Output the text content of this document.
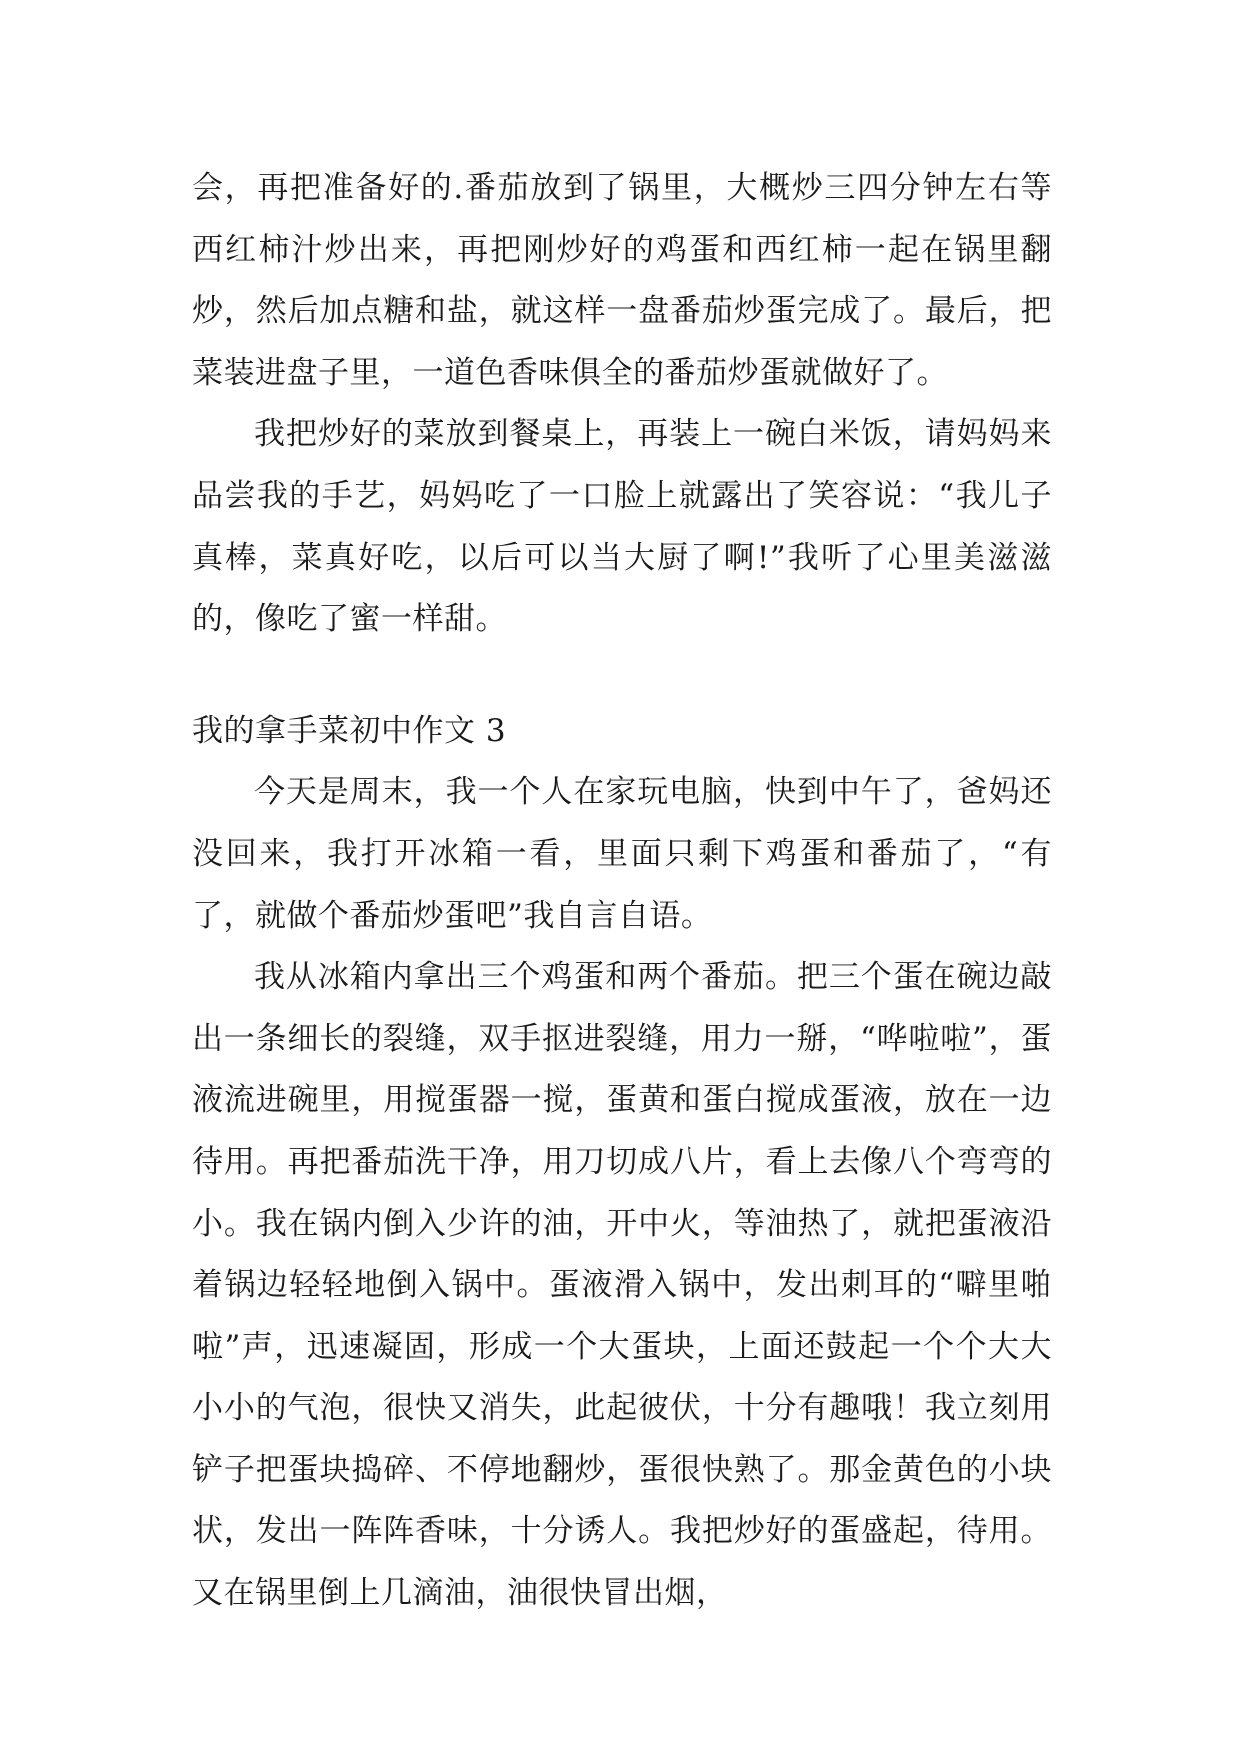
会，再把准备好的.番茄放到了锅里，大概炒三四分钟左右等西红柿汁炒出来，再把刚炒好的鸡蛋和西红柿一起在锅里翻炒，然后加点糖和盐，就这样一盘番茄炒蛋完成了。最后，把菜装进盘子里，一道色香味俱全的番茄炒蛋就做好了。

我把炒好的菜放到餐桌上，再装上一碗白米饭，请妈妈来品尝我的手艺，妈妈吃了一口脸上就露出了笑容说：“我儿子真棒，菜真好吃，以后可以当大厨了啊!”我听了心里美滋滋的，像吃了蜜一样甜。

我的拿手菜初中作文 3

今天是周末，我一个人在家玩电脑，快到中午了，爸妈还没回来，我打开冰箱一看，里面只剩下鸡蛋和番茄了，“有了，就做个番茄炒蛋吧”我自言自语。

我从冰箱内拿出三个鸡蛋和两个番茄。把三个蛋在碗边敲出一条细长的裂缝，双手抠进裂缝，用力一掰，“哗啦啦”，蛋液流进碗里，用搅蛋器一搅，蛋黄和蛋白搅成蛋液，放在一边待用。再把番茄洗干净，用刀切成八片，看上去像八个弯弯的小。我在锅内倒入少许的油，开中火，等油热了，就把蛋液沿着锅边轻轻地倒入锅中。蛋液滑入锅中，发出刺耳的“噼里啪啦”声，迅速凝固，形成一个大蛋块，上面还鼓起一个个大大小小的气泡，很快又消失，此起彼伏，十分有趣哦！我立刻用铲子把蛋块捣碎、不停地翻炒，蛋很快熟了。那金黄色的小块状，发出一阵阵香味，十分诱人。我把炒好的蛋盛起，待用。又在锅里倒上几滴油，油很快冒出烟，
